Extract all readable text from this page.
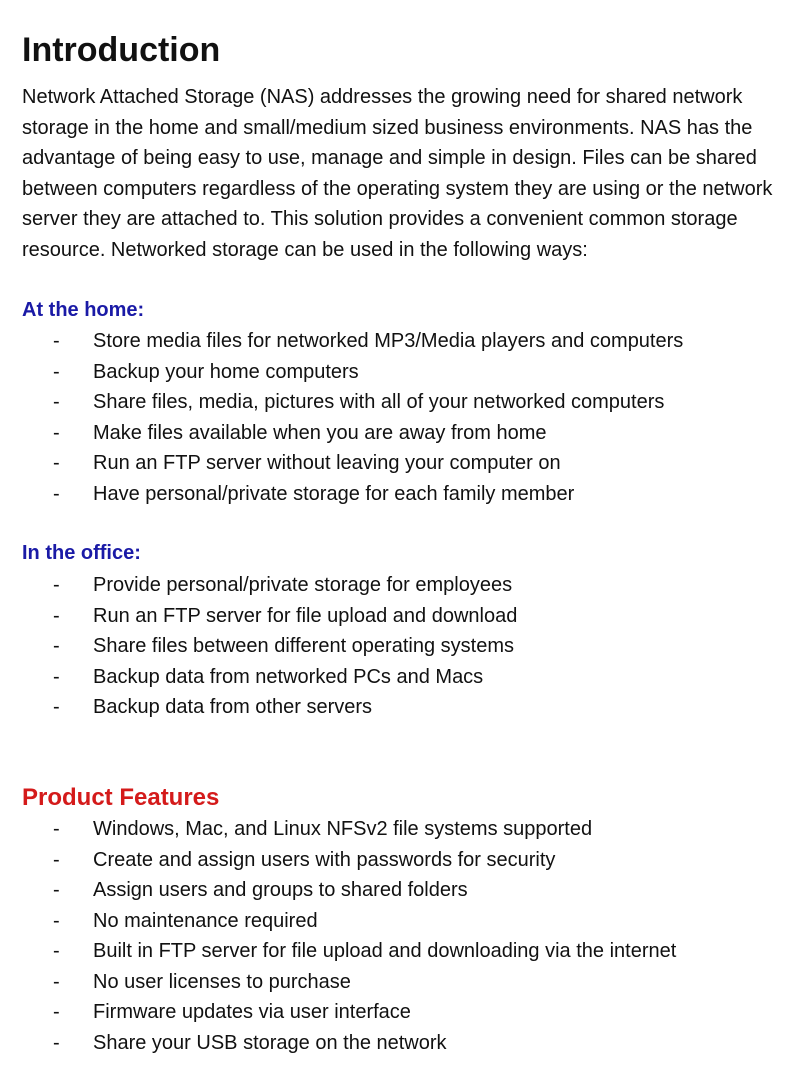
Introduction

Network Attached Storage (NAS) addresses the growing need for shared network
storage in the home and small/medium sized business environments. NAS has the
advantage of being easy to use, manage and simple in design. Files can be shared
between computers regardless of the operating system they are using or the network
server they are attached to. This solution provides a convenient common storage
resource. Networked storage can be used in the following ways:

At the home:
-	Store media files for networked MP3/Media players and computers
-	Backup your home computers
-	Share files, media, pictures with all of your networked computers
-	Make files available when you are away from home
-	Run an FTP server without leaving your computer on
-	Have personal/private storage for each family member
In the office:
-	Provide personal/private storage for employees
-	Run an FTP server for file upload and download
-	Share files between different operating systems
-	Backup data from networked PCs and Macs
-	Backup data from other servers
Product Features
-	Windows, Mac, and Linux NFSv2 file systems supported
-	Create and assign users with passwords for security
-	Assign users and groups to shared folders
-	No maintenance required
-	Built in FTP server for file upload and downloading via the internet
-	No user licenses to purchase
-	Firmware updates via user interface
-	Share your USB storage on the network
